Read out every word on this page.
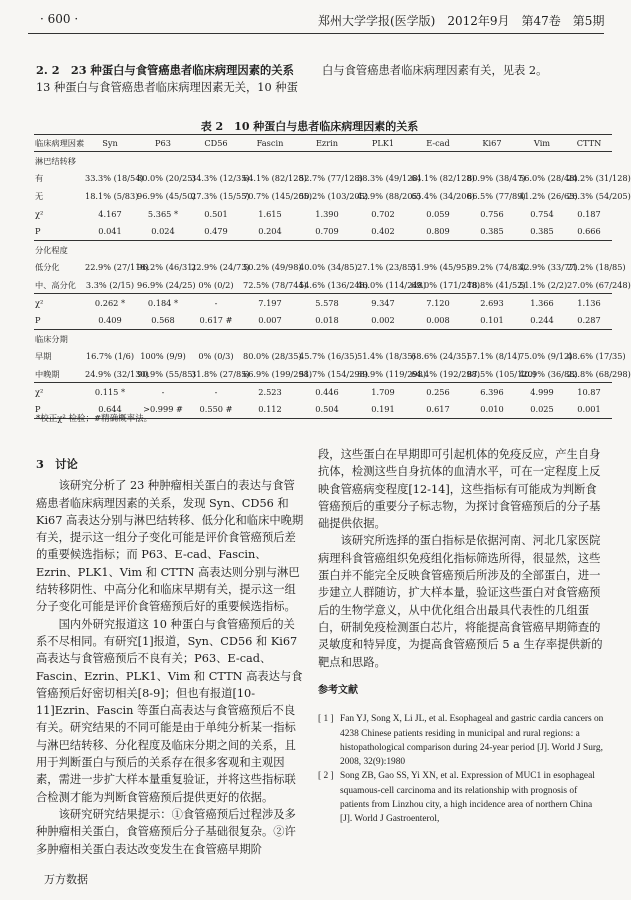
· 600 ·	郑州大学学报(医学版)　2012年9月　第47卷　第5期

2. 2　23 种蛋白与食管癌患者临床病理因素的关系

13 种蛋白与食管癌患者临床病理因素无关，10 种蛋

白与食管癌患者临床病理因素有关，见表 2。

表 2　10 种蛋白与患者临床病理因素的关系
临床病理因素	Syn	P63	CD56	Fascin	Ezrin	PLK1	E-cad	Ki67	Vim	CTTN
淋巴结转移										
有	33.3% (18/54)	80.0% (20/25)	34.3% (12/35)	64.1% (82/128)	52.7% (77/128)	38.3% (49/128)	64.1% (82/128)	80.9% (38/47)	56.0% (28/48)	24.2% (31/128)
无	18.1% (5/83)	96.9% (45/50)	27.3% (15/55)	70.7% (145/205)	50.2% (103/205)	42.9% (88/205)	65.4% (34/206)	86.5% (77/89)	41.2% (26/63)	26.3% (54/205)
χ²	4.167	5.365 *	0.501	1.615	1.390	0.702	0.059	0.756	0.754	0.187
P	0.041	0.024	0.479	0.204	0.709	0.402	0.809	0.385	0.385	0.666
分化程度										
低分化	22.9% (27/118)	96.2% (46/31)	22.9% (24/73)	50.2% (49/98)	40.0% (34/85)	27.1% (23/85)	51.9% (45/95)	89.2% (74/83)	42.9% (33/77)	21.2% (18/85)
中、高分化	3.3% (2/15)	96.9% (24/25)	0% (0/2)	72.5% (78/744)	54.6% (136/248)	46.0% (114/248)	69.0% (171/248)	78.8% (41/52)	51.1% (2/2)	27.0% (67/248)
χ²	0.262 *	0.184 *	-	7.197	5.578	9.347	7.120	2.693	1.366	1.136
P	0.409	0.568	0.617 #	0.007	0.018	0.002	0.008	0.101	0.244	0.287
临床分期										
早期	16.7% (1/6)	100% (9/9)	0% (0/3)	80.0% (28/35)	45.7% (16/35)	51.4% (18/35)	68.6% (24/35)	57.1% (8/14)	75.0% (9/12)	48.6% (17/35)
中晚期	24.9% (32/130)	90.9% (55/85)	31.8% (27/85)	66.9% (199/298)	51.7% (154/298)	39.9% (119/298)	64.4% (192/298)	87.5% (105/120)	40.9% (36/88)	22.8% (68/298)
χ²	0.115 *	-	-	2.523	0.446	1.709	0.256	6.396	4.999	10.87
P	0.644	>0.999 #	0.550 #	0.112	0.504	0.191	0.617	0.010	0.025	0.001
*校正χ² 检验；#精确概率法。

3　讨论

该研究分析了 23 种肿瘤相关蛋白的表达与食管癌患者临床病理因素的关系，发现 Syn、CD56 和 Ki67 高表达分别与淋巴结转移、低分化和临床中晚期有关，提示这一组分子变化可能是评价食管癌预后差的重要候选指标；而 P63、E-cad、Fascin、Ezrin、PLK1、Vim 和 CTTN 高表达则分别与淋巴结转移阴性、中高分化和临床早期有关，提示这一组分子变化可能是评价食管癌预后好的重要候选指标。

国内外研究报道这 10 种蛋白与食管癌预后的关系不尽相同。有研究[1]报道，Syn、CD56 和 Ki67 高表达与食管癌预后不良有关；P63、E-cad、Fascin、Ezrin、PLK1、Vim 和 CTTN 高表达与食管癌预后好密切相关[8-9]；但也有报道[10-11]Ezrin、Fascin 等蛋白高表达与食管癌预后不良有关。研究结果的不同可能是由于单纯分析某一指标与淋巴结转移、分化程度及临床分期之间的关系，且用于判断蛋白与预后的关系存在很多客观和主观因素，需进一步扩大样本量重复验证，并将这些指标联合检测才能为判断食管癌预后提供更好的依据。

该研究研究结果提示：①食管癌预后过程涉及多种肿瘤相关蛋白，食管癌预后分子基础很复杂。②许多肿瘤相关蛋白表达改变发生在食管癌早期阶

段，这些蛋白在早期即可引起机体的免疫反应，产生自身抗体，检测这些自身抗体的血清水平，可在一定程度上反映食管癌病变程度[12-14]，这些指标有可能成为判断食管癌预后的重要分子标志物，为探讨食管癌预后的分子基础提供依据。

该研究所选择的蛋白指标是依据河南、河北几家医院病理科食管癌组织免疫组化指标筛选所得，很显然，这些蛋白并不能完全反映食管癌预后所涉及的全部蛋白，进一步建立人群随访，扩大样本量，验证这些蛋白对食管癌预后的生物学意义，从中优化组合出最具代表性的几组蛋白，研制免疫检测蛋白芯片，将能提高食管癌早期筛查的灵敏度和特异度，为提高食管癌预后 5 a 生存率提供新的靶点和思路。

参考文献
[ 1 ] Fan YJ, Song X, Li JL, et al. Esophageal and gastric cardia cancers on 4238 Chinese patients residing in municipal and rural regions: a histopathological comparison during 24-year period [J]. World J Surg, 2008, 32(9):1980
[ 2 ] Song ZB, Gao SS, Yi XN, et al. Expression of MUC1 in esophageal squamous-cell carcinoma and its relationship with prognosis of patients from Linzhou city, a high incidence area of northern China [J]. World J Gastroenterol,
万方数据
